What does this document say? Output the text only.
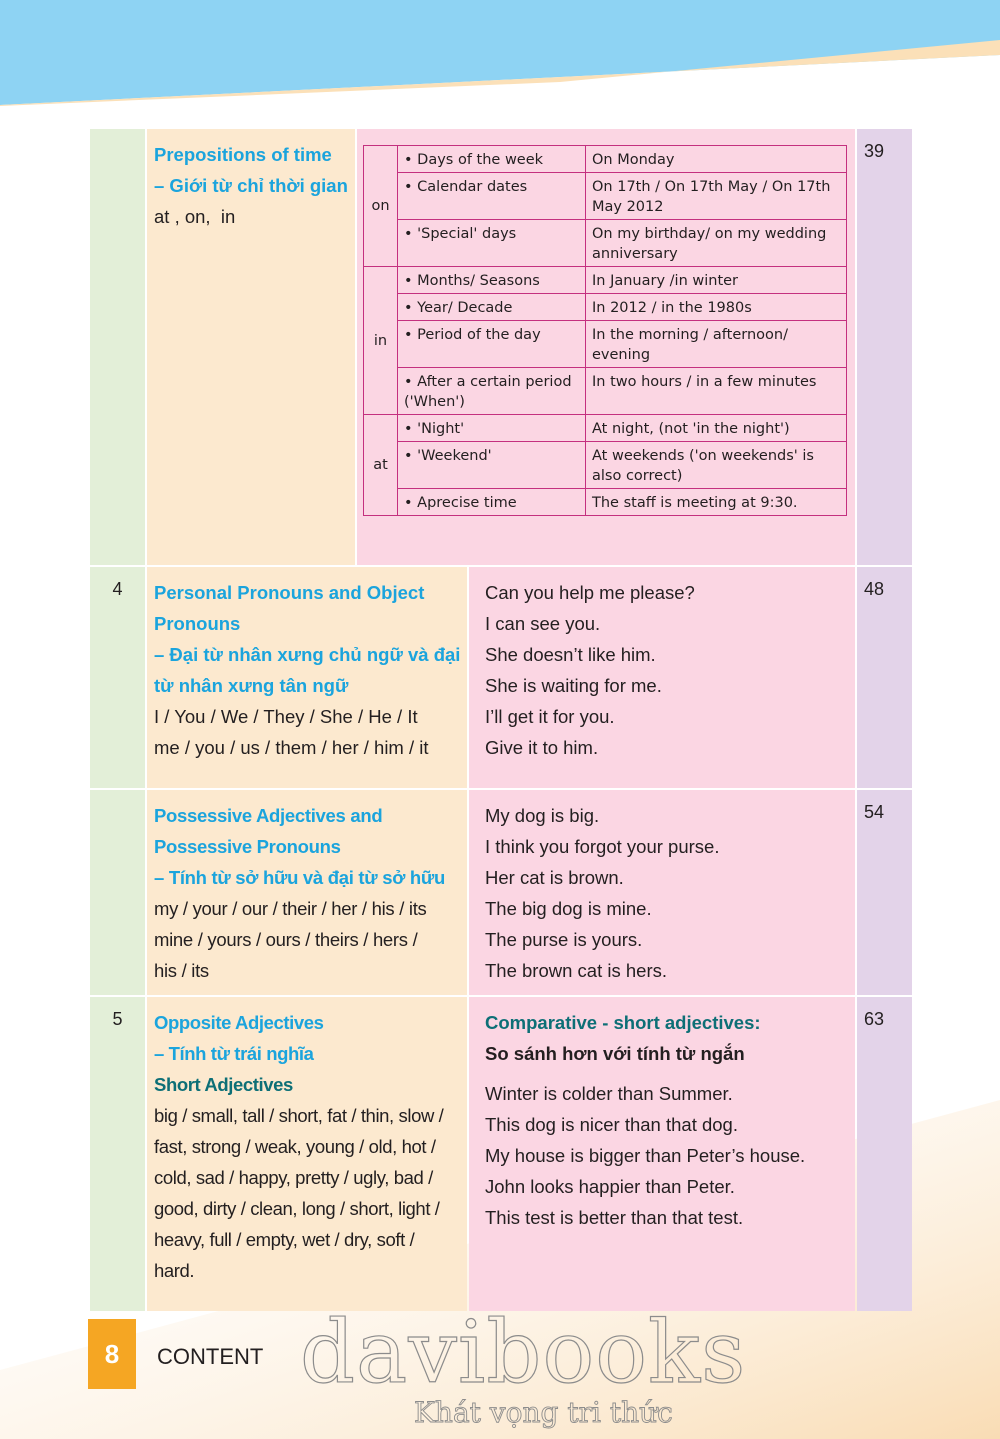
Prepositions of time
– Giới từ chỉ thời gian
at , on,  in	on	• Days of the week	On Monday
	• Calendar dates	On 17th / On 17th May / On 17th May 2012
	• 'Special' days	On my birthday/ on my wedding anniversary
in	• Months/ Seasons	In January /in winter
	• Year/ Decade	In 2012 / in the 1980s
	• Period of the day	In the morning / afternoon/ evening
	• After a certain period ('When')	In two hours / in a few minutes
at	• 'Night'	At night, (not 'in the night')
	• 'Weekend'	At weekends ('on weekends' is also correct)
	• Aprecise time	The staff is meeting at 9:30.
39
4	Personal Pronouns and Object Pronouns
– Đại từ nhân xưng chủ ngữ và đại từ nhân xưng tân ngữ
I / You / We / They / She / He / It
me / you / us / them / her / him / it
Can you help me please?
I can see you.
She doesn’t like him.
She is waiting for me.
I’ll get it for you.
Give it to him.
48
Possessive Adjectives and Possessive Pronouns
– Tính từ sở hữu và đại từ sở hữu
my / your / our / their / her / his / its
mine / yours / ours / theirs / hers /
his / its
My dog is big.
I think you forgot your purse.
Her cat is brown.
The big dog is mine.
The purse is yours.
The brown cat is hers.
54
5	Opposite Adjectives
– Tính từ trái nghĩa
Short Adjectives
big / small, tall / short, fat / thin, slow /
fast, strong / weak, young / old, hot /
cold, sad / happy, pretty / ugly, bad /
good, dirty / clean, long / short, light /
heavy, full / empty, wet / dry, soft /
hard.
Comparative - short adjectives:
So sánh hơn với tính từ ngắn
Winter is colder than Summer.
This dog is nicer than that dog.
My house is bigger than Peter’s house.
John looks happier than Peter.
This test is better than that test.
63
8	CONTENT davibooks
Khát vọng tri thức
